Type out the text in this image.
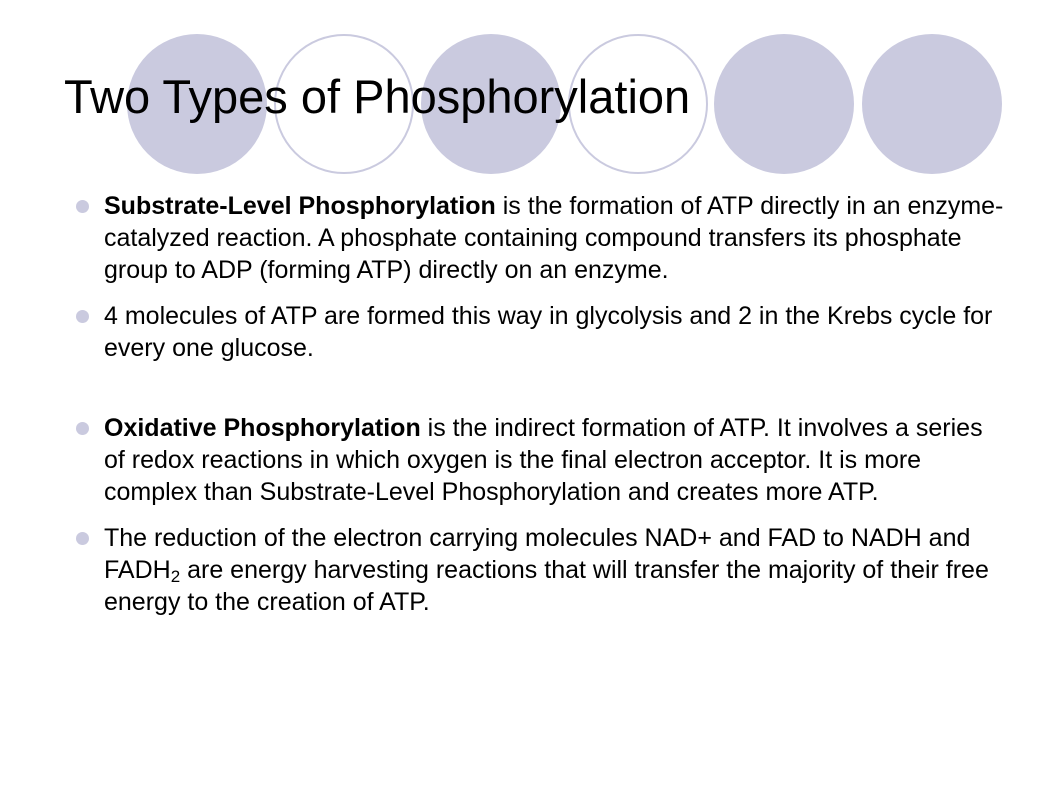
Two Types of Phosphorylation
Substrate-Level Phosphorylation is the formation of ATP directly in an enzyme-catalyzed reaction. A phosphate containing compound transfers its phosphate group to ADP (forming ATP) directly on an enzyme.
4 molecules of ATP are formed this way in glycolysis and 2 in the Krebs cycle for every one glucose.
Oxidative Phosphorylation is the indirect formation of ATP. It involves a series of redox reactions in which oxygen is the final electron acceptor. It is more complex than Substrate-Level Phosphorylation and creates more ATP.
The reduction of the electron carrying molecules NAD+ and FAD to NADH and $FADH_2$ are energy harvesting reactions that will transfer the majority of their free energy to the creation of ATP.
